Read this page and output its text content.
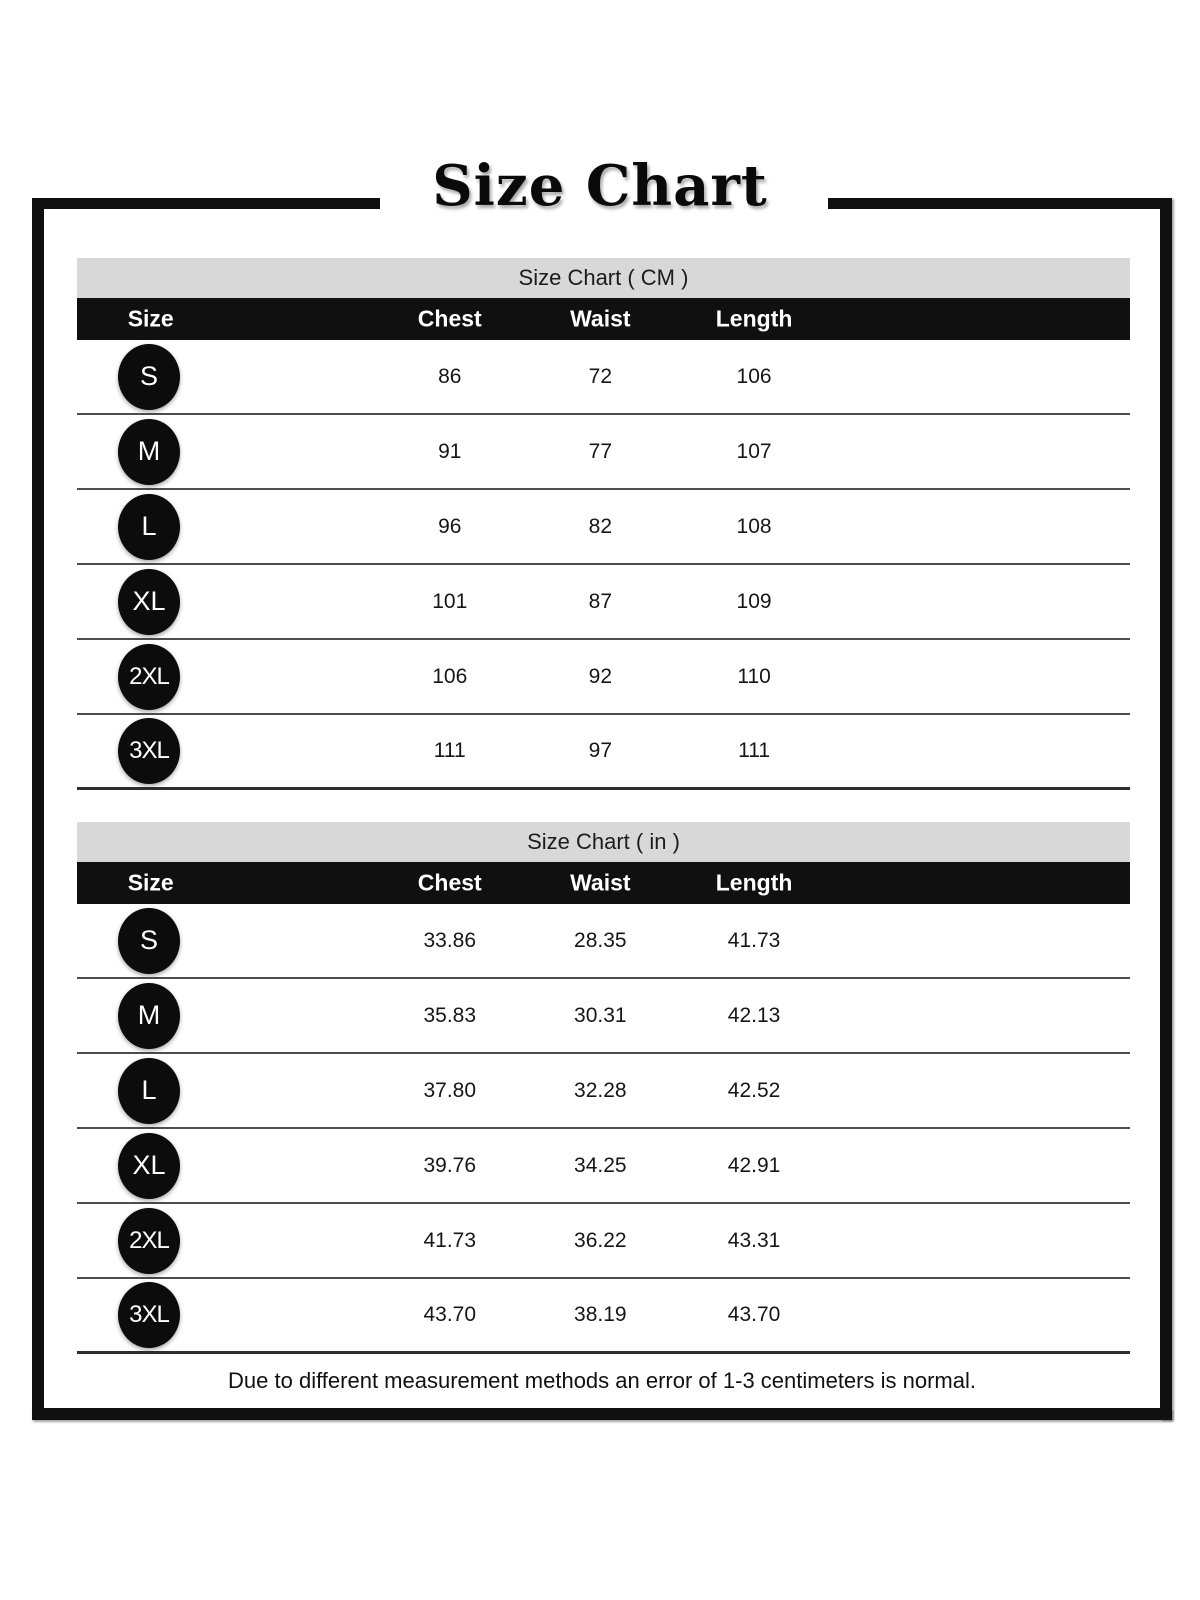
Size Chart
Size Chart ( CM )
Size	Chest	Waist	Length
S	86	72	106
M	91	77	107
L	96	82	108
XL	101	87	109
2XL	106	92	110
3XL	111	97	111
Size Chart ( in )
Size	Chest	Waist	Length
S	33.86	28.35	41.73
M	35.83	30.31	42.13
L	37.80	32.28	42.52
XL	39.76	34.25	42.91
2XL	41.73	36.22	43.31
3XL	43.70	38.19	43.70
Due to different measurement methods an error of 1-3 centimeters is normal.
